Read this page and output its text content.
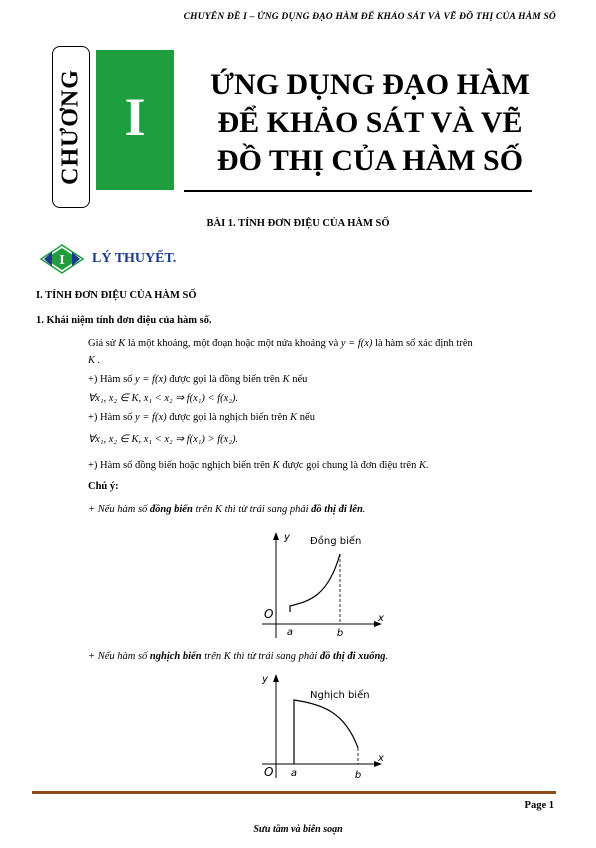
CHUYÊN ĐỀ I – ỨNG DỤNG ĐẠO HÀM ĐỂ KHẢO SÁT VÀ VẼ ĐỒ THỊ CỦA HÀM SỐ
CHƯƠNG I
ỨNG DỤNG ĐẠO HÀM
ĐỂ KHẢO SÁT VÀ VẼ
ĐỒ THỊ CỦA HÀM SỐ
BÀI 1. TÍNH ĐƠN ĐIỆU CỦA HÀM SỐ
I LÝ THUYẾT.
I. TÍNH ĐƠN ĐIỆU CỦA HÀM SỐ
1. Khái niệm tính đơn điệu của hàm số.
Giả sử K là một khoảng, một đoạn hoặc một nửa khoảng và y = f(x) là hàm số xác định trên
K .
+) Hàm số y = f(x) được gọi là đồng biến trên K nếu
∀x₁, x₂ ∈ K, x₁ < x₂ ⇒ f(x₁) < f(x₂).
+) Hàm số y = f(x) được gọi là nghịch biến trên K nếu
∀x₁, x₂ ∈ K, x₁ < x₂ ⇒ f(x₁) > f(x₂).
+) Hàm số đồng biến hoặc nghịch biến trên K được gọi chung là đơn điệu trên K.
Chú ý:
+ Nếu hàm số đồng biến trên K thì từ trái sang phải đồ thị đi lên.
a	b
O
y
x
Đồng biến
+ Nếu hàm số nghịch biến trên K thì từ trái sang phải đồ thị đi xuống.
a	b
O
y
x
Nghịch biến
Page 1
Sưu tầm và biên soạn
